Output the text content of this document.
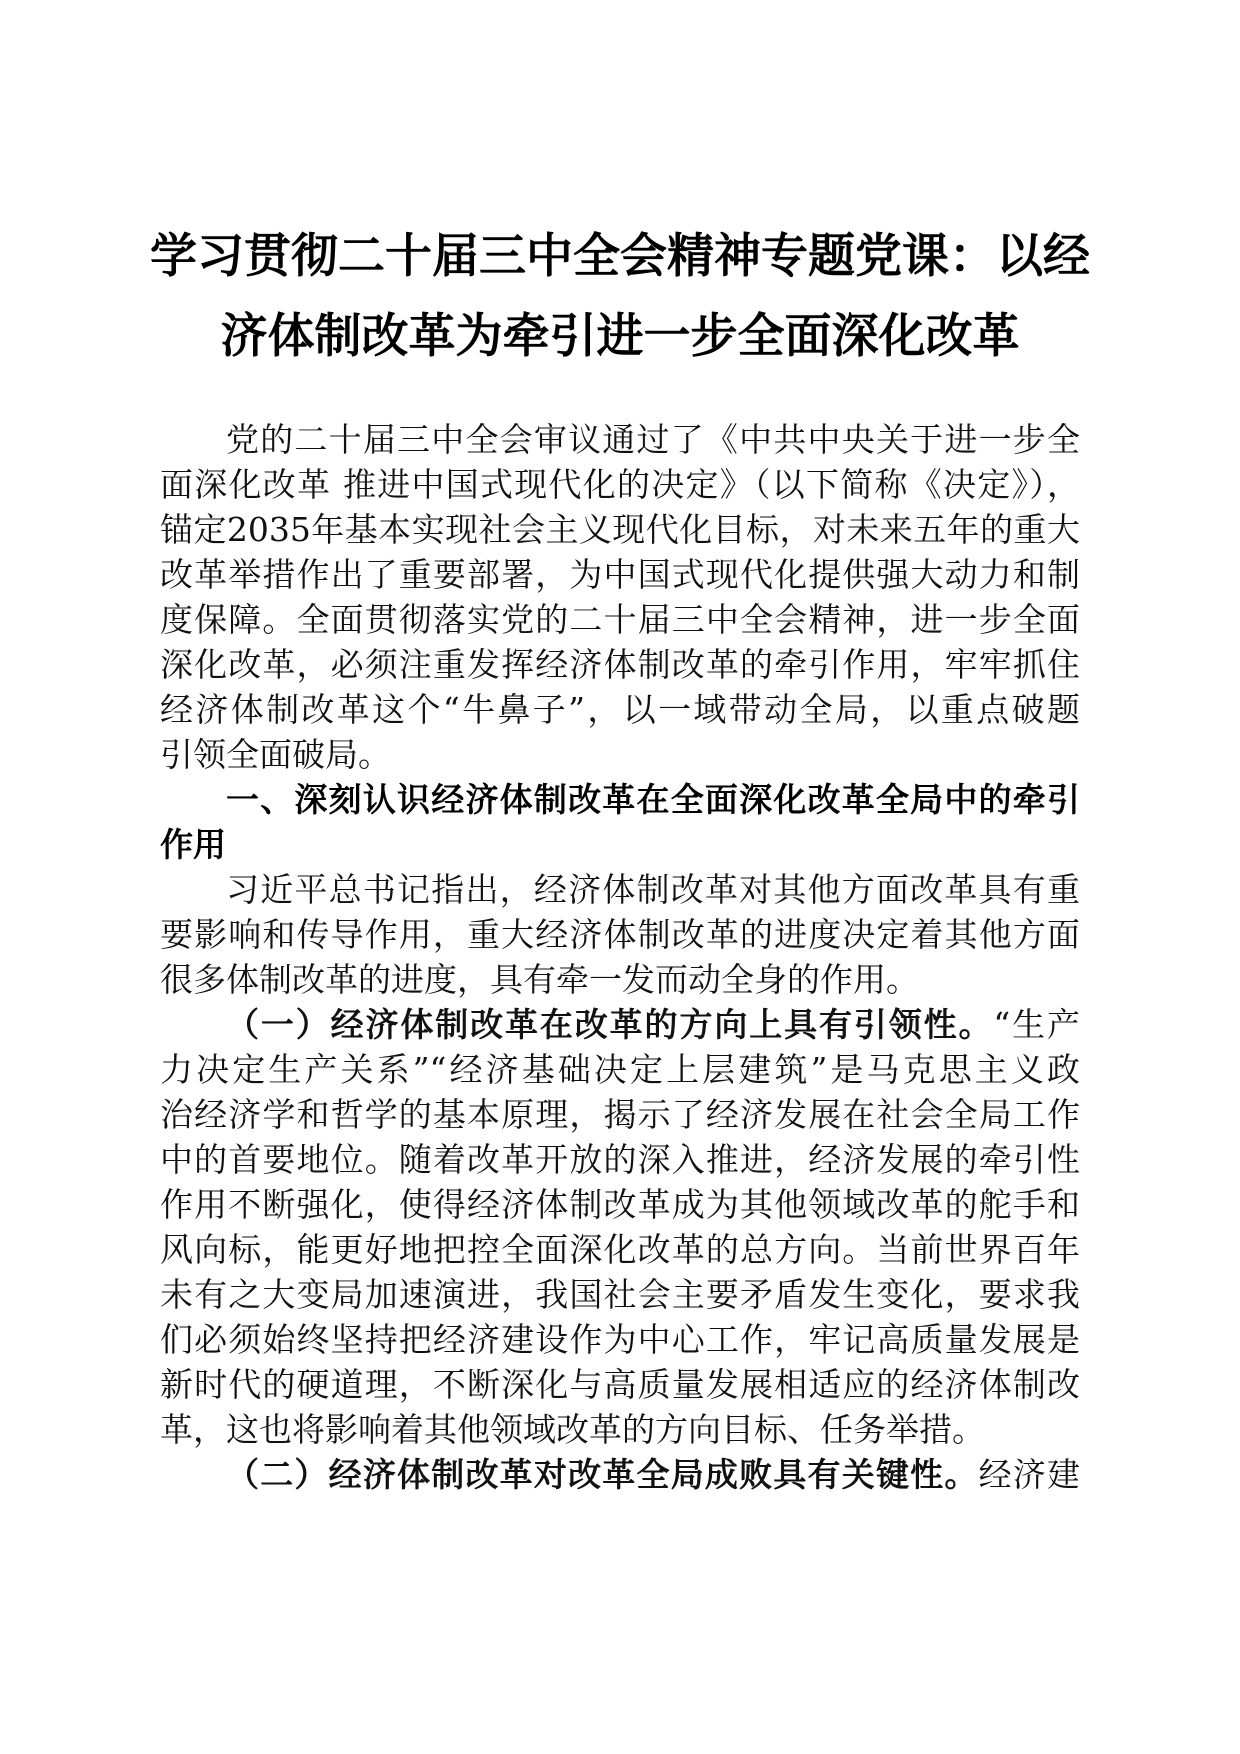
学习贯彻二十届三中全会精神专题党课：以经
济体制改革为牵引进一步全面深化改革
党的二十届三中全会审议通过了《中共中央关于进一步全
面深化改革 推进中国式现代化的决定》（以下简称《决定》），
锚定2035年基本实现社会主义现代化目标，对未来五年的重大
改革举措作出了重要部署，为中国式现代化提供强大动力和制
度保障。全面贯彻落实党的二十届三中全会精神，进一步全面
深化改革，必须注重发挥经济体制改革的牵引作用，牢牢抓住
经济体制改革这个“牛鼻子”，以一域带动全局，以重点破题
引领全面破局。
一、深刻认识经济体制改革在全面深化改革全局中的牵引
作用
习近平总书记指出，经济体制改革对其他方面改革具有重
要影响和传导作用，重大经济体制改革的进度决定着其他方面
很多体制改革的进度，具有牵一发而动全身的作用。
（一）经济体制改革在改革的方向上具有引领性。“生产
力决定生产关系”“经济基础决定上层建筑”是马克思主义政
治经济学和哲学的基本原理，揭示了经济发展在社会全局工作
中的首要地位。随着改革开放的深入推进，经济发展的牵引性
作用不断强化，使得经济体制改革成为其他领域改革的舵手和
风向标，能更好地把控全面深化改革的总方向。当前世界百年
未有之大变局加速演进，我国社会主要矛盾发生变化，要求我
们必须始终坚持把经济建设作为中心工作，牢记高质量发展是
新时代的硬道理，不断深化与高质量发展相适应的经济体制改
革，这也将影响着其他领域改革的方向目标、任务举措。
（二）经济体制改革对改革全局成败具有关键性。经济建
